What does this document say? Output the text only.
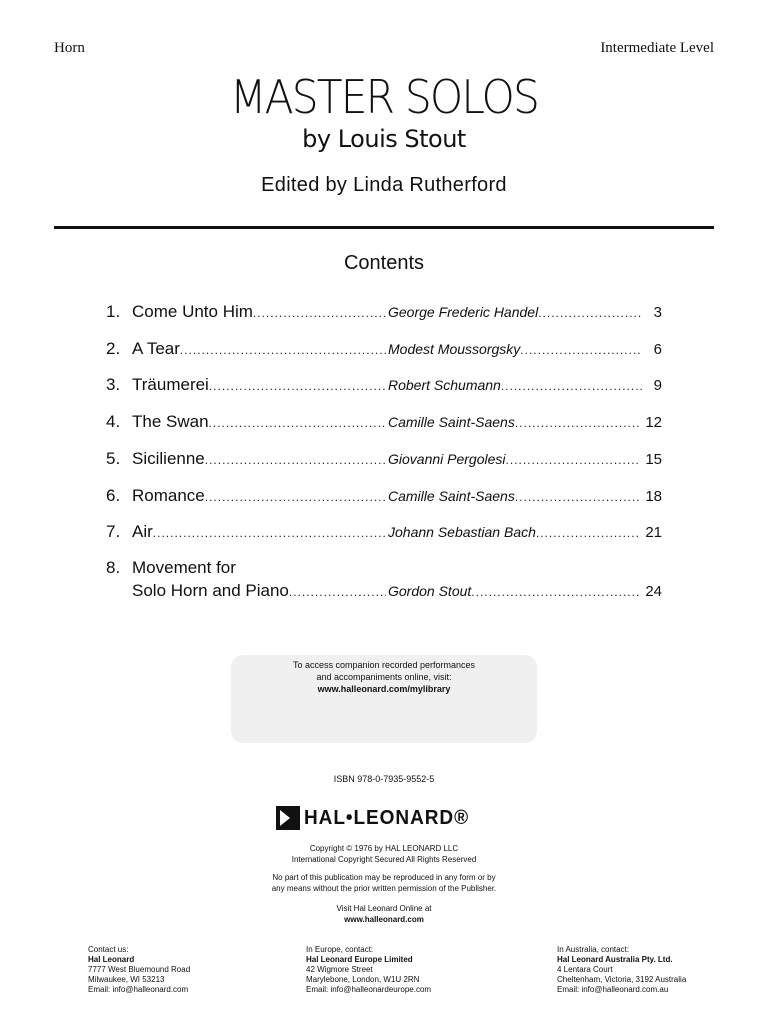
Horn	Intermediate Level
MASTER SOLOS
by Louis Stout
Edited by Linda Rutherford
Contents
1. Come Unto Him .....	George Frederic Handel .....	3
2. A Tear .....	Modest Moussorgsky .....	6
3. Träumerei .....	Robert Schumann .....	9
4. The Swan .....	Camille Saint-Saens .....	12
5. Sicilienne .....	Giovanni Pergolesi .....	15
6. Romance .....	Camille Saint-Saens .....	18
7. Air .....	Johann Sebastian Bach .....	21
8. Movement for
Solo Horn and Piano .....	Gordon Stout .....	24
To access companion recorded performances
and accompaniments online, visit:
www.halleonard.com/mylibrary
ISBN 978-0-7935-9552-5
HAL•LEONARD®
Copyright © 1976 by HAL LEONARD LLC
International Copyright Secured All Rights Reserved
No part of this publication may be reproduced in any form or by
any means without the prior written permission of the Publisher.
Visit Hal Leonard Online at
www.halleonard.com
Contact us:
Hal Leonard
7777 West Bluemound Road
Milwaukee, WI 53213
Email: info@halleonard.com
In Europe, contact:
Hal Leonard Europe Limited
42 Wigmore Street
Marylebone, London, W1U 2RN
Email: info@halleonardeurope.com
In Australia, contact:
Hal Leonard Australia Pty. Ltd.
4 Lentara Court
Cheltenham, Victoria, 3192 Australia
Email: info@halleonard.com.au
